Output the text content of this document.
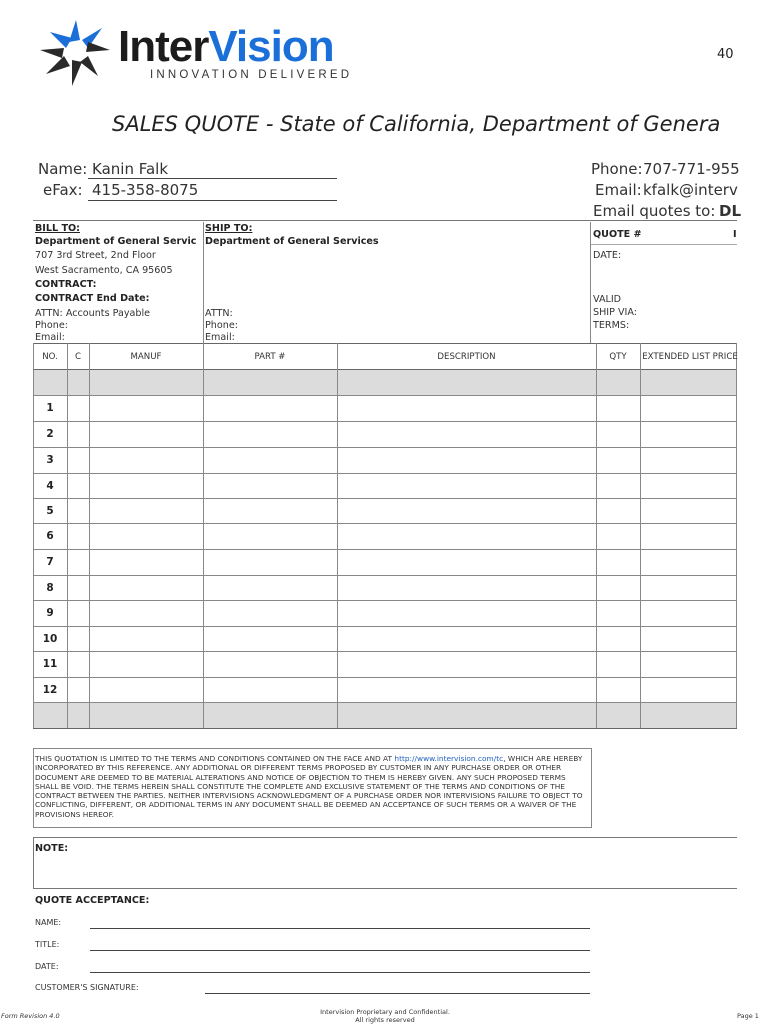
InterVision
INNOVATION DELIVERED
40
SALES QUOTE - State of California, Department of Genera
Name: Kanin Falk
eFax: 415-358-8075
Phone: 707-771-955
Email: kfalk@interv
Email quotes to: DL
BILL TO:
Department of General Servic
707 3rd Street, 2nd Floor
West Sacramento, CA 95605
CONTRACT:
CONTRACT End Date:
ATTN: Accounts Payable
Phone:
Email:
SHIP TO:
Department of General Services
ATTN:
Phone:
Email:
QUOTE #	I
DATE:
VALID
SHIP VIA:
TERMS:
NO.	C	MANUF	PART #	DESCRIPTION	QTY	EXTENDED LIST PRICE
1
2
3
4
5
6
7
8
9
10
11
12
THIS QUOTATION IS LIMITED TO THE TERMS AND CONDITIONS CONTAINED ON THE FACE AND AT http://www.intervision.com/tc, WHICH ARE HEREBY INCORPORATED BY THIS REFERENCE. ANY ADDITIONAL OR DIFFERENT TERMS PROPOSED BY CUSTOMER IN ANY PURCHASE ORDER OR OTHER DOCUMENT ARE DEEMED TO BE MATERIAL ALTERATIONS AND NOTICE OF OBJECTION TO THEM IS HEREBY GIVEN. ANY SUCH PROPOSED TERMS SHALL BE VOID. THE TERMS HEREIN SHALL CONSTITUTE THE COMPLETE AND EXCLUSIVE STATEMENT OF THE TERMS AND CONDITIONS OF THE CONTRACT BETWEEN THE PARTIES. NEITHER INTERVISIONS ACKNOWLEDGMENT OF A PURCHASE ORDER NOR INTERVISIONS FAILURE TO OBJECT TO CONFLICTING, DIFFERENT, OR ADDITIONAL TERMS IN ANY DOCUMENT SHALL BE DEEMED AN ACCEPTANCE OF SUCH TERMS OR A WAIVER OF THE PROVISIONS HEREOF.
NOTE:
QUOTE ACCEPTANCE:
NAME:
TITLE:
DATE:
CUSTOMER'S SIGNATURE:
Form Revision 4.0	Intervision Proprietary and Confidential.
All rights reserved	Page 1
